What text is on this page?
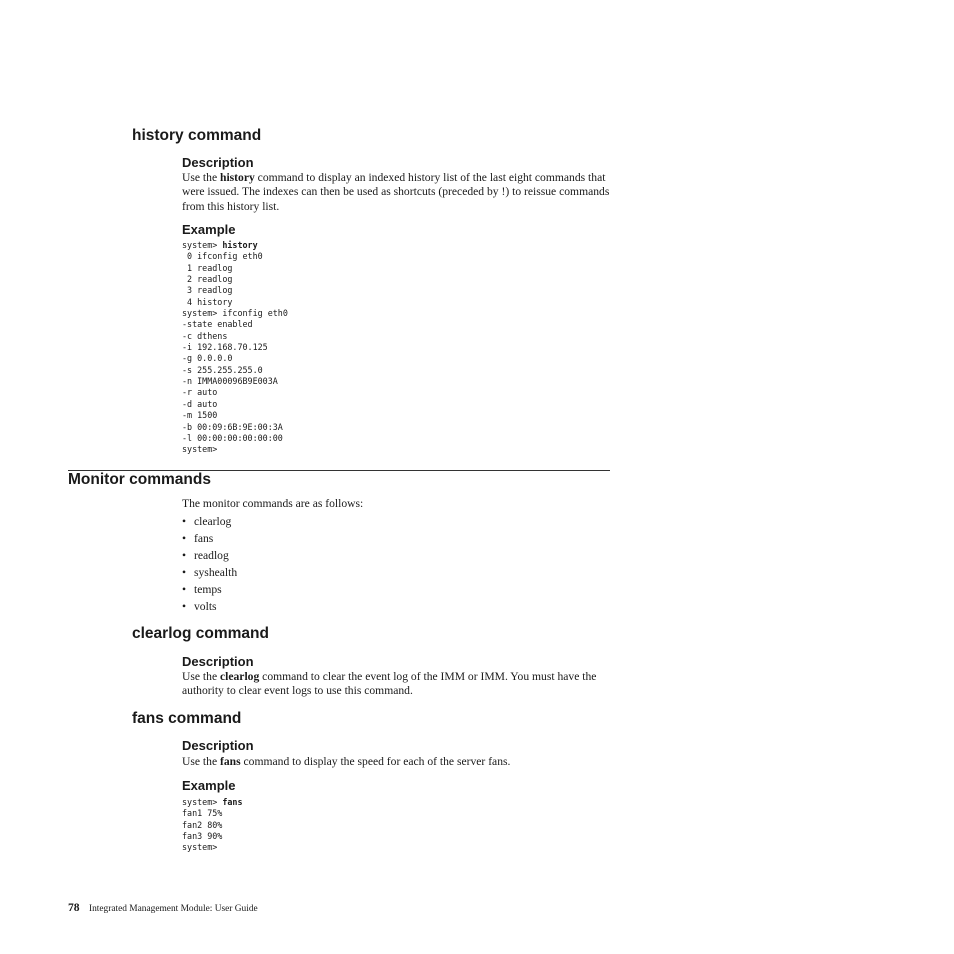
history command
Description
Use the history command to display an indexed history list of the last eight commands that were issued. The indexes can then be used as shortcuts (preceded by !) to reissue commands from this history list.
Example
system> history
0 ifconfig eth0
1 readlog
2 readlog
3 readlog
4 history
system> ifconfig eth0
-state enabled
-c dthens
-i 192.168.70.125
-g 0.0.0.0
-s 255.255.255.0
-n IMMA00096B9E003A
-r auto
-d auto
-m 1500
-b 00:09:6B:9E:00:3A
-l 00:00:00:00:00:00
system>
Monitor commands
The monitor commands are as follows:
• clearlog
• fans
• readlog
• syshealth
• temps
• volts
clearlog command
Description
Use the clearlog command to clear the event log of the IMM or IMM. You must have the authority to clear event logs to use this command.
fans command
Description
Use the fans command to display the speed for each of the server fans.
Example
system> fans
fan1 75%
fan2 80%
fan3 90%
system>
78 Integrated Management Module: User Guide
